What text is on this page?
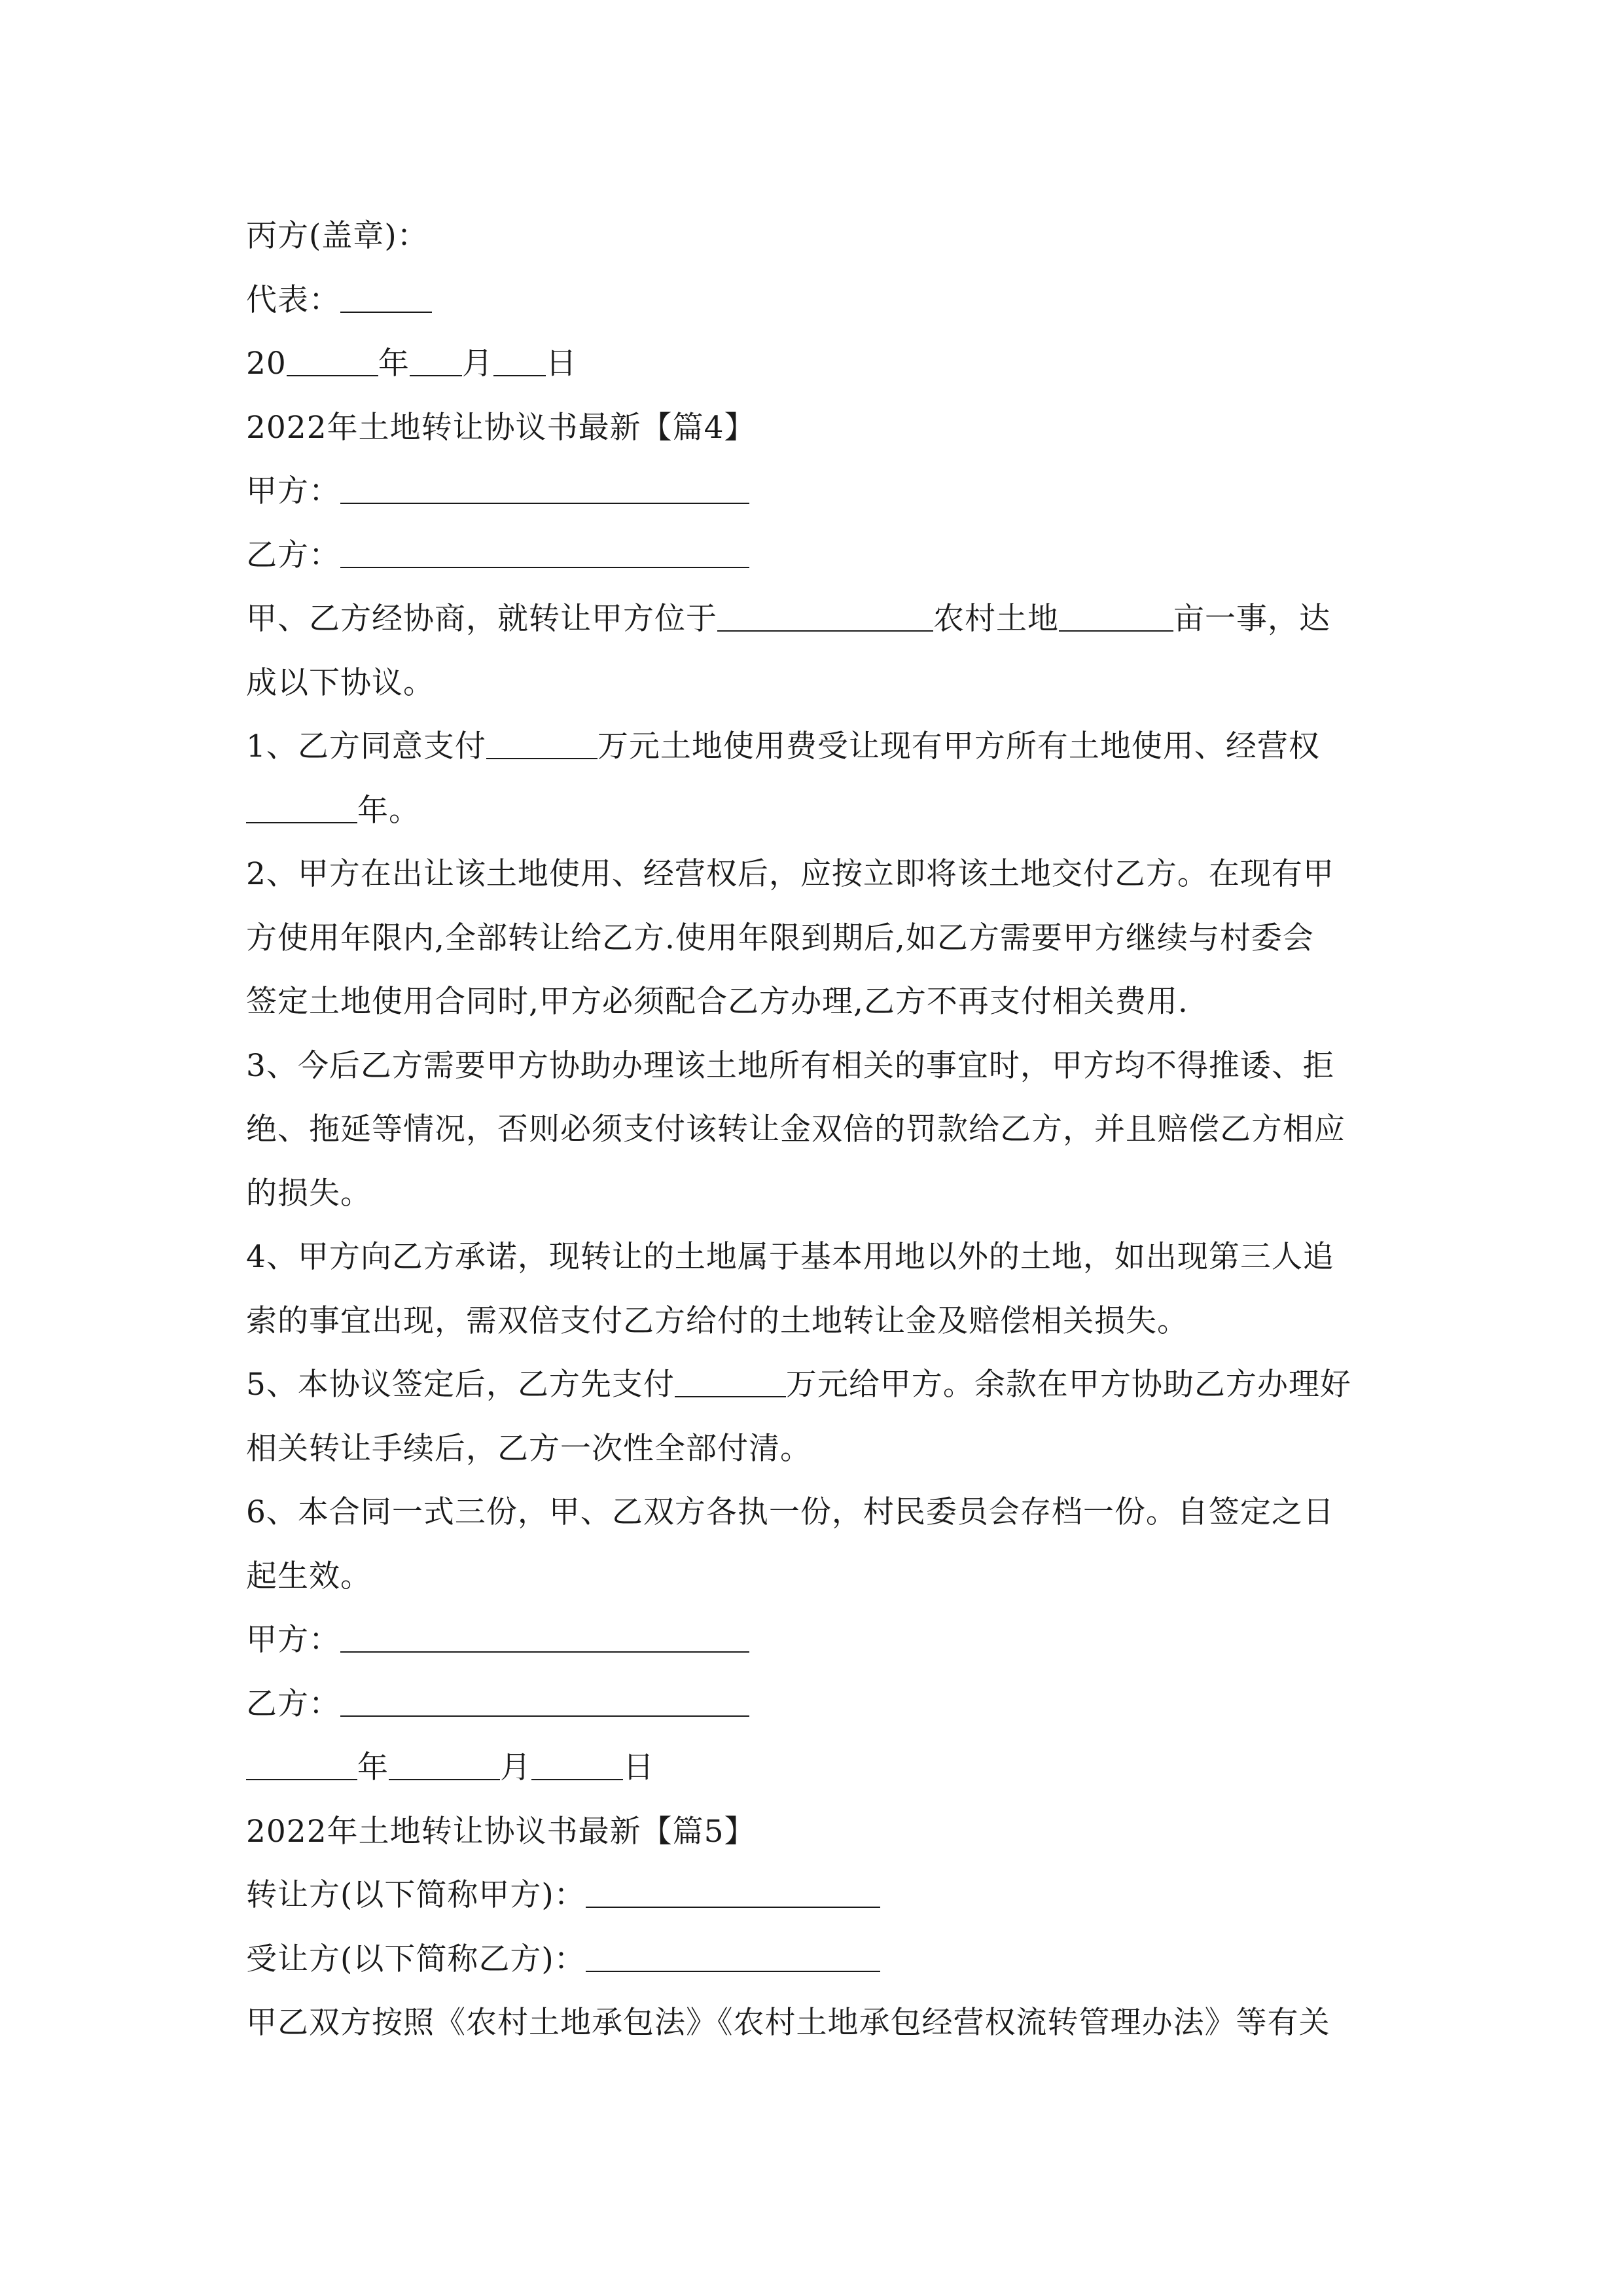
丙方(盖章)：
代表：
20	年 月 日
2022年土地转让协议书最新【篇4】
甲方：
乙方：
甲、乙方经协商，就转让甲方位于	农村土地	亩一事，达
成以下协议。
1、乙方同意支付	万元土地使用费受让现有甲方所有土地使用、经营权
年。
2、甲方在出让该土地使用、经营权后，应按立即将该土地交付乙方。在现有甲
方使用年限内,全部转让给乙方.使用年限到期后,如乙方需要甲方继续与村委会
签定土地使用合同时,甲方必须配合乙方办理,乙方不再支付相关费用.
3、今后乙方需要甲方协助办理该土地所有相关的事宜时，甲方均不得推诿、拒
绝、拖延等情况，否则必须支付该转让金双倍的罚款给乙方，并且赔偿乙方相应
的损失。
4、甲方向乙方承诺，现转让的土地属于基本用地以外的土地，如出现第三人追
索的事宜出现，需双倍支付乙方给付的土地转让金及赔偿相关损失。
5、本协议签定后，乙方先支付	万元给甲方。余款在甲方协助乙方办理好
相关转让手续后，乙方一次性全部付清。
6、本合同一式三份，甲、乙双方各执一份，村民委员会存档一份。自签定之日
起生效。
甲方：
乙方：
年	月	日
2022年土地转让协议书最新【篇5】
转让方(以下简称甲方)：
受让方(以下简称乙方)：
甲乙双方按照《农村土地承包法》《农村土地承包经营权流转管理办法》等有关
